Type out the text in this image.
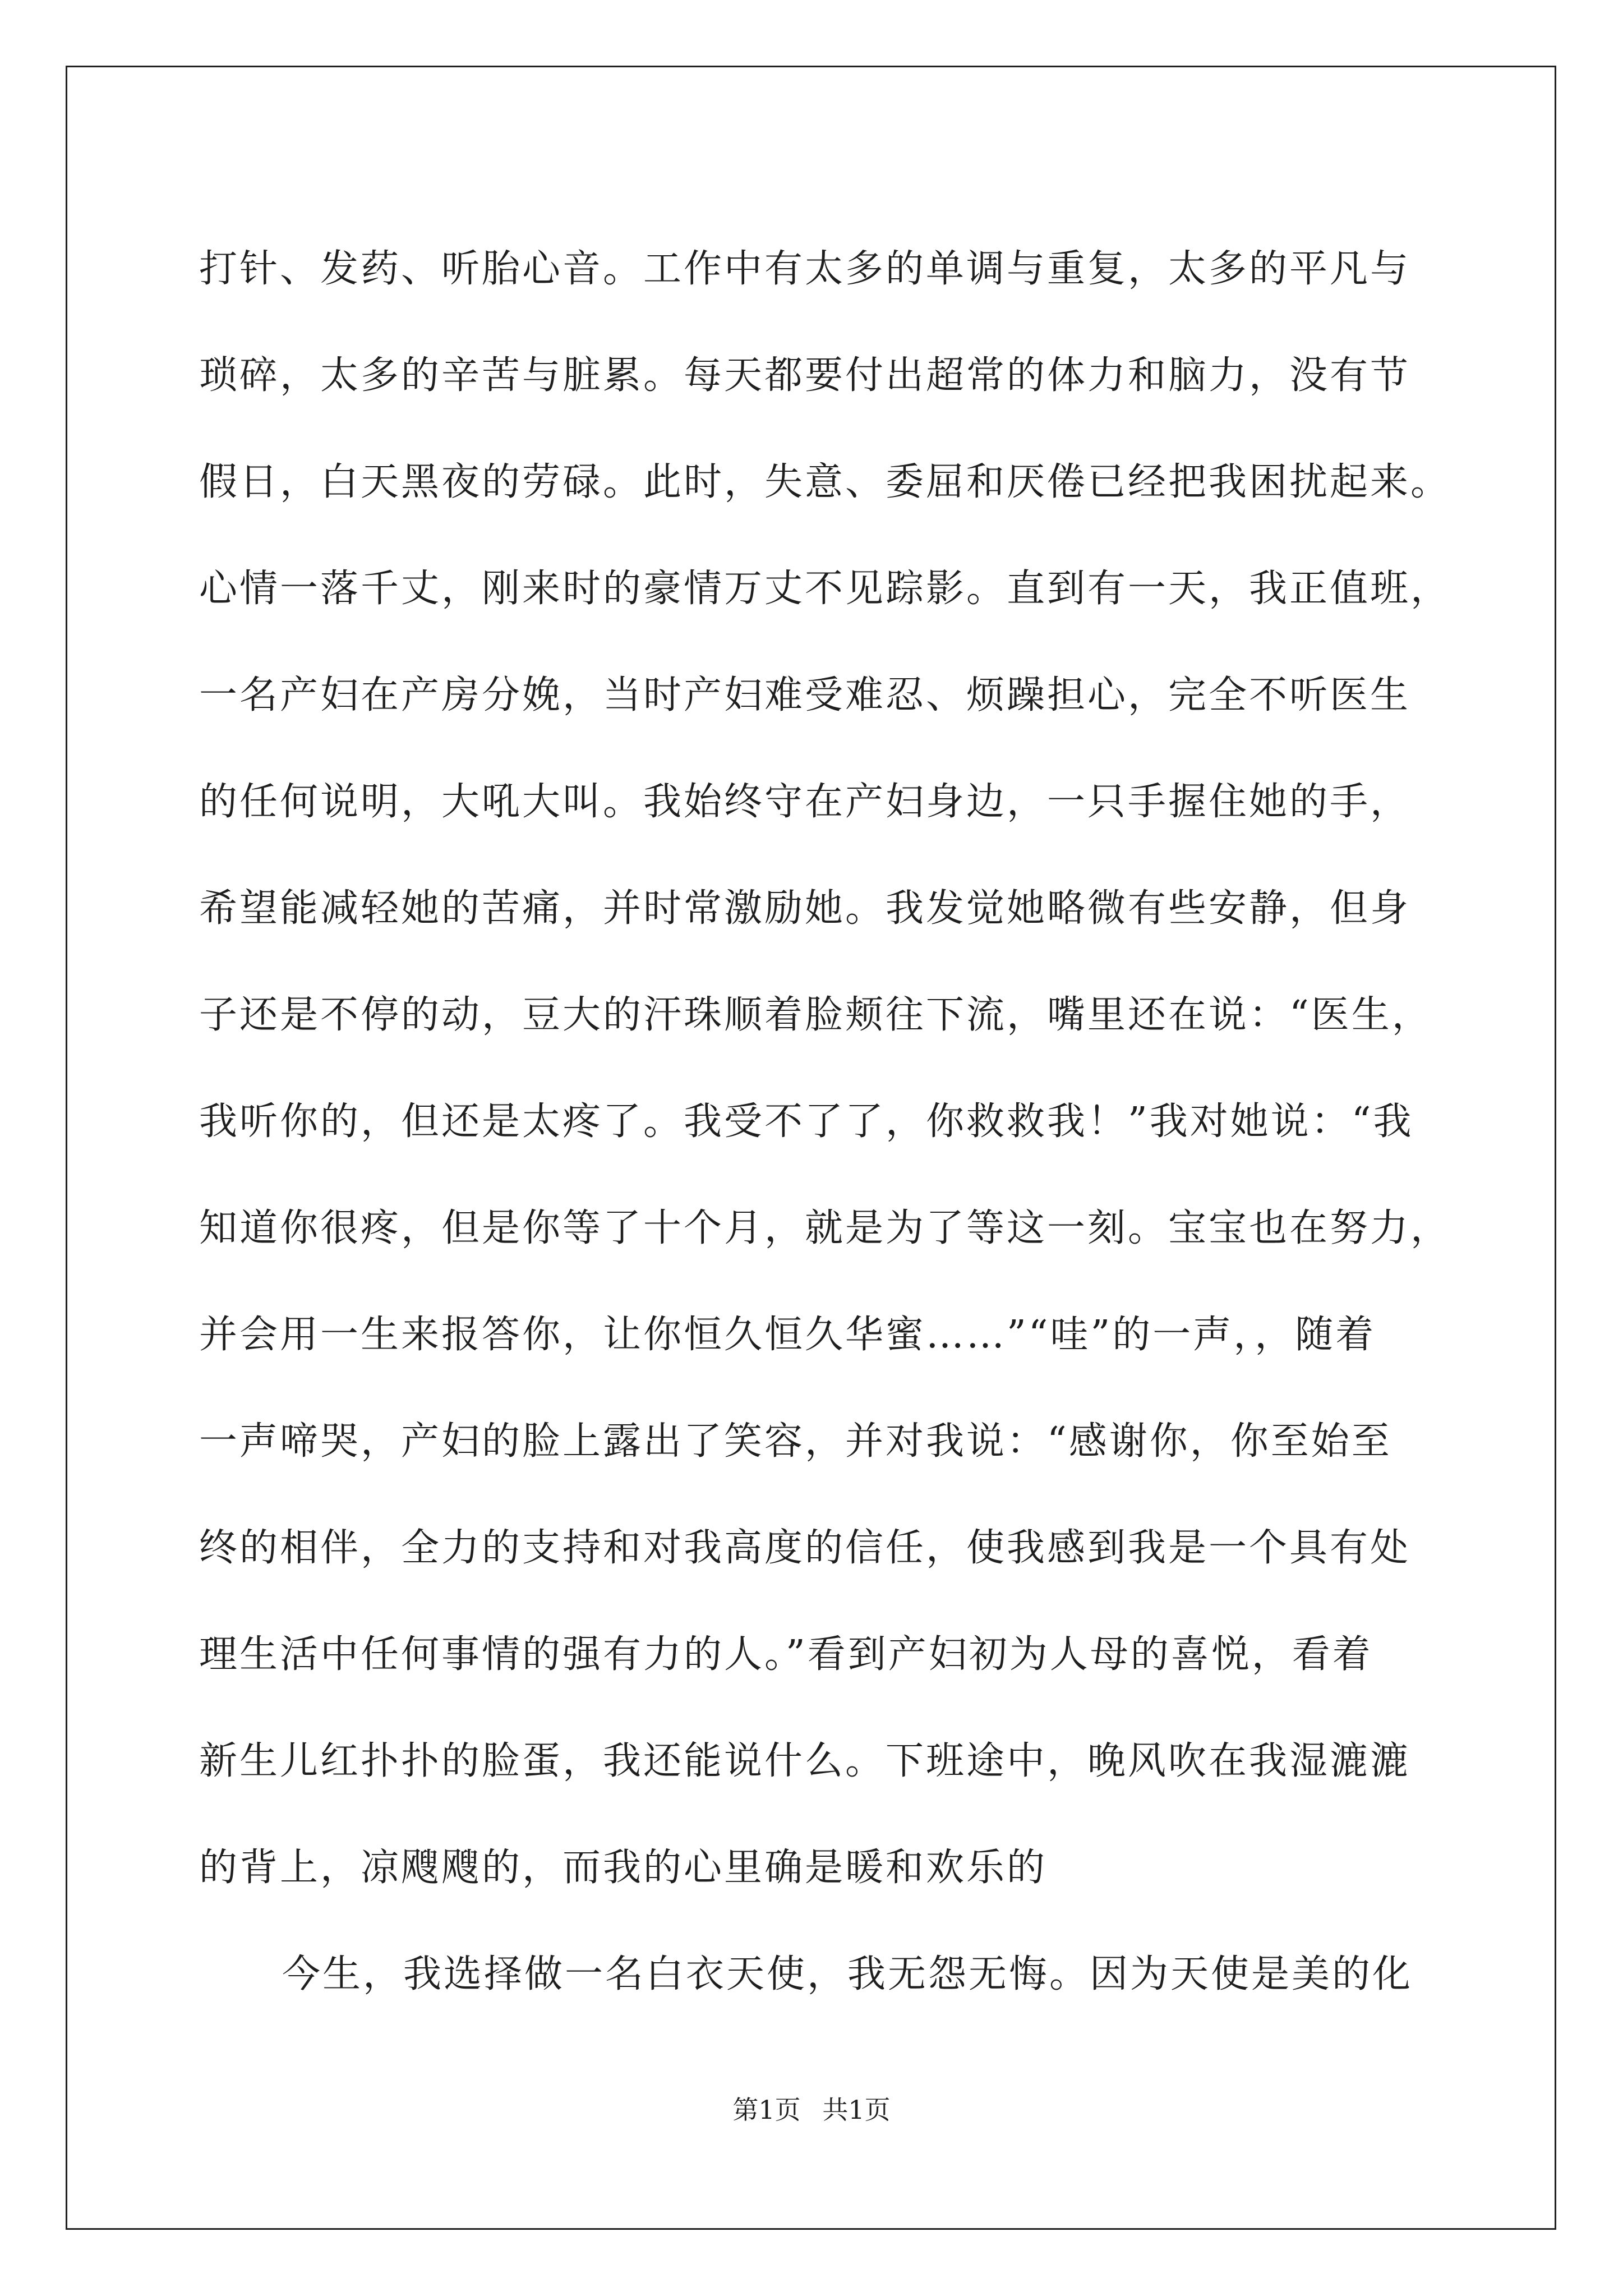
打针、发药、听胎心音。工作中有太多的单调与重复，太多的平凡与
琐碎，太多的辛苦与脏累。每天都要付出超常的体力和脑力，没有节
假日，白天黑夜的劳碌。此时，失意、委屈和厌倦已经把我困扰起来。
心情一落千丈，刚来时的豪情万丈不见踪影。直到有一天，我正值班，
一名产妇在产房分娩，当时产妇难受难忍、烦躁担心，完全不听医生
的任何说明，大吼大叫。我始终守在产妇身边，一只手握住她的手，
希望能减轻她的苦痛，并时常激励她。我发觉她略微有些安静，但身
子还是不停的动，豆大的汗珠顺着脸颊往下流，嘴里还在说：“医生，
我听你的，但还是太疼了。我受不了了，你救救我！”我对她说：“我
知道你很疼，但是你等了十个月，就是为了等这一刻。宝宝也在努力，
并会用一生来报答你，让你恒久恒久华蜜……”“哇”的一声，，随着
一声啼哭，产妇的脸上露出了笑容，并对我说：“感谢你，你至始至
终的相伴，全力的支持和对我高度的信任，使我感到我是一个具有处
理生活中任何事情的强有力的人。”看到产妇初为人母的喜悦，看着
新生儿红扑扑的脸蛋，我还能说什么。下班途中，晚风吹在我湿漉漉
的背上，凉飕飕的，而我的心里确是暖和欢乐的
今生，我选择做一名白衣天使，我无怨无悔。因为天使是美的化
第1页 共1页
